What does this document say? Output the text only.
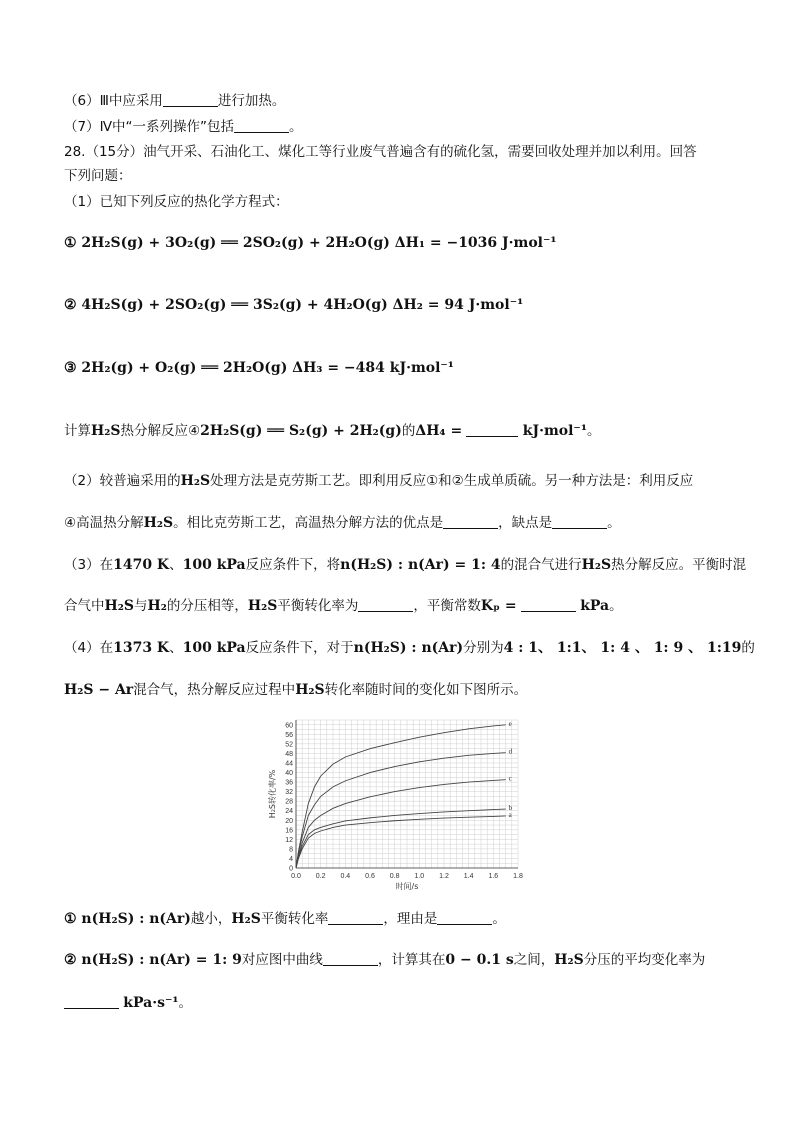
（6）Ⅲ中应采用	进行加热。
（7）Ⅳ中“一系列操作”包括	。
28.（15分）油气开采、石油化工、煤化工等行业废气普遍含有的硫化氢，需要回收处理并加以利用。回答
下列问题：
（1）已知下列反应的热化学方程式：
① 2H₂S(g) + 3O₂(g) ══ 2SO₂(g) + 2H₂O(g) ΔH₁ = −1036 J·mol⁻¹
② 4H₂S(g) + 2SO₂(g) ══ 3S₂(g) + 4H₂O(g) ΔH₂ = 94 J·mol⁻¹
③ 2H₂(g) + O₂(g) ══ 2H₂O(g) ΔH₃ = −484 kJ·mol⁻¹
计算H₂S热分解反应④2H₂S(g) ══ S₂(g) + 2H₂(g)的ΔH₄ =	kJ·mol⁻¹。
（2）较普遍采用的H₂S处理方法是克劳斯工艺。即利用反应①和②生成单质硫。另一种方法是：利用反应
④高温热分解H₂S。相比克劳斯工艺，高温热分解方法的优点是	，缺点是	。
（3）在1470 K、100 kPa反应条件下，将n(H₂S) : n(Ar) = 1: 4的混合气进行H₂S热分解反应。平衡时混
合气中H₂S与H₂的分压相等，H₂S平衡转化率为	，平衡常数Kₚ =	kPa。
（4）在1373 K、100 kPa反应条件下，对于n(H₂S) : n(Ar)分别为4 : 1、 1:1、 1: 4 、 1: 9 、 1:19的
H₂S − Ar混合气，热分解反应过程中H₂S转化率随时间的变化如下图所示。
0.0 0.2 0.4 0.6 0.8 1.0 1.2 1.4 1.6 1.8
0
4
8
12
16
20
24
28
32
36
40
44
48
52
56
60
时间/s
H₂S转化率/%	a
b
c
d
e
① n(H₂S) : n(Ar)越小，H₂S平衡转化率	，理由是	。
② n(H₂S) : n(Ar) = 1: 9对应图中曲线	，计算其在0 − 0.1 s之间，H₂S分压的平均变化率为
kPa·s⁻¹。
